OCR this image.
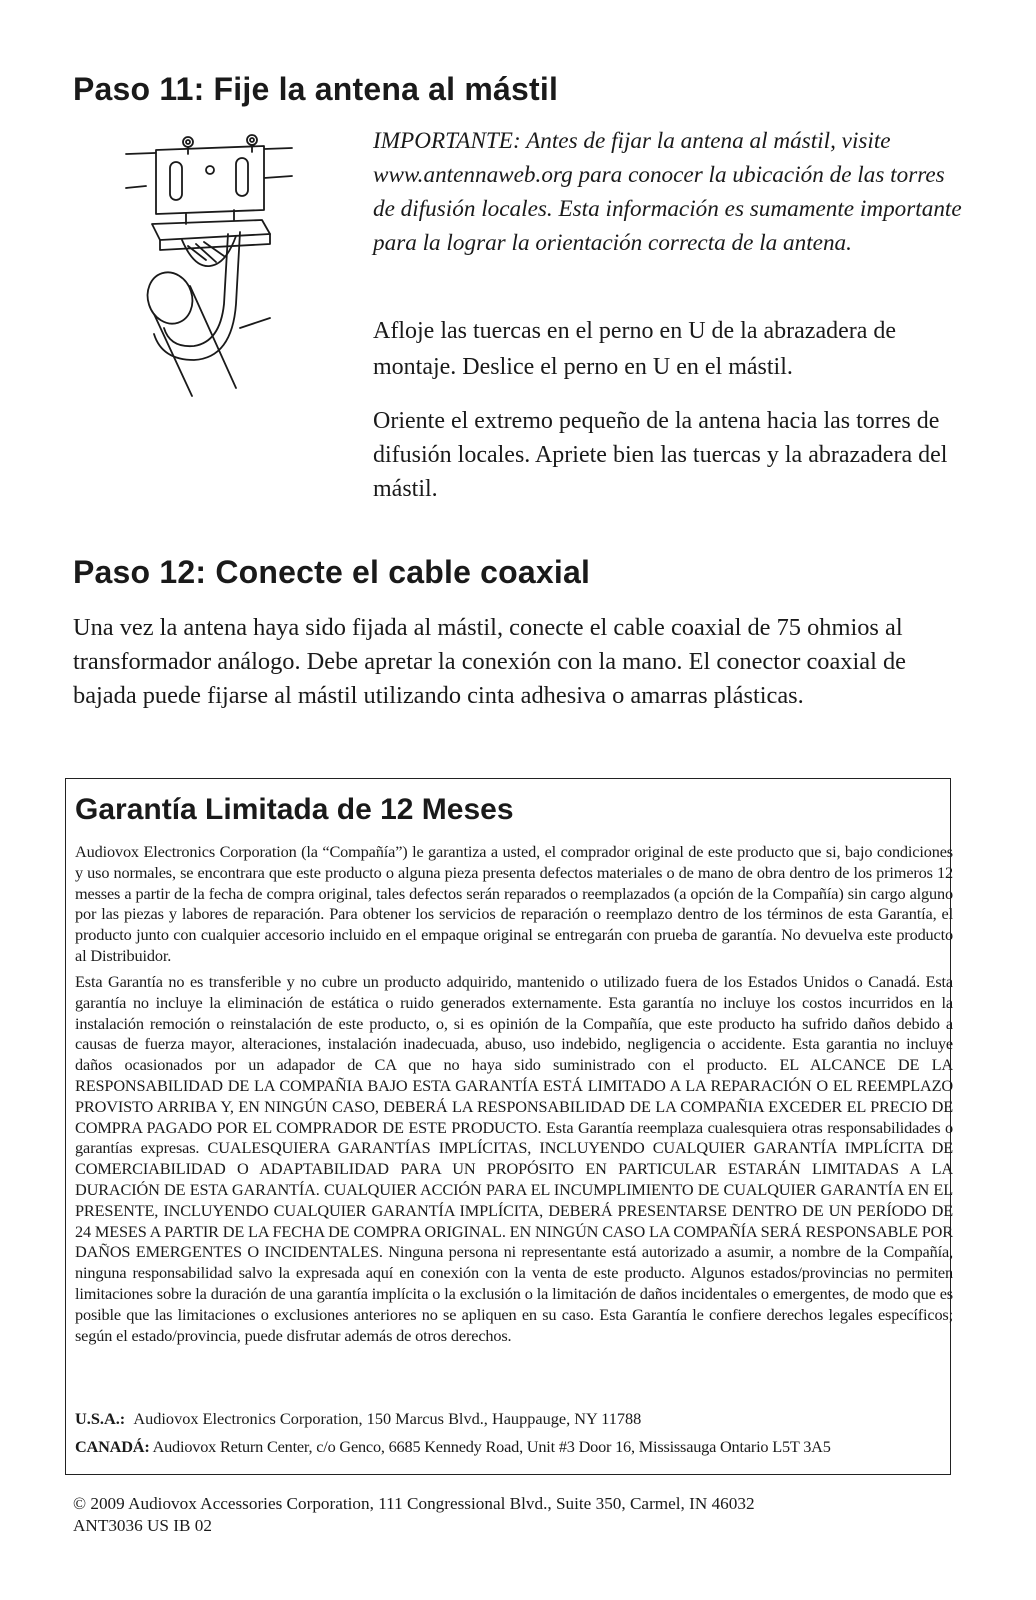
Paso 11: Fije la antena al mástil

IMPORTANTE: Antes de fijar la antena al mástil, visite www.antennaweb.org para conocer la ubicación de las torres de difusión locales. Esta información es sumamente importante para la lograr la orientación correcta de la antena.

Afloje las tuercas en el perno en U de la abrazadera de montaje. Deslice el perno en U en el mástil.

Oriente el extremo pequeño de la antena hacia las torres de difusión locales. Apriete bien las tuercas y la abrazadera del mástil.

Paso 12: Conecte el cable coaxial

Una vez la antena haya sido fijada al mástil, conecte el cable coaxial de 75 ohmios al transformador análogo. Debe apretar la conexión con la mano. El conector coaxial de bajada puede fijarse al mástil utilizando cinta adhesiva o amarras plásticas.

Garantía Limitada de 12 Meses

Audiovox Electronics Corporation (la “Compañía”) le garantiza a usted, el comprador original de este producto que si, bajo condiciones y uso normales, se encontrara que este producto o alguna pieza presenta defectos materiales o de mano de obra dentro de los primeros 12 messes a partir de la fecha de compra original, tales defectos serán reparados o reemplazados (a opción de la Compañía) sin cargo alguno por las piezas y labores de reparación. Para obtener los servicios de reparación o reemplazo dentro de los términos de esta Garantía, el producto junto con cualquier accesorio incluido en el empaque original se entregarán con prueba de garantía. No devuelva este producto al Distribuidor.

Esta Garantía no es transferible y no cubre un producto adquirido, mantenido o utilizado fuera de los Estados Unidos o Canadá. Esta garantía no incluye la eliminación de estática o ruido generados externamente. Esta garantía no incluye los costos incurridos en la instalación remoción o reinstalación de este producto, o, si es opinión de la Compañía, que este producto ha sufrido daños debido a causas de fuerza mayor, alteraciones, instalación inadecuada, abuso, uso indebido, negligencia o accidente. Esta garantia no incluye daños ocasionados por un adapador de CA que no haya sido suministrado con el producto. EL ALCANCE DE LA RESPONSABILIDAD DE LA COMPAÑIA BAJO ESTA GARANTÍA ESTÁ LIMITADO A LA REPARACIÓN O EL REEMPLAZO PROVISTO ARRIBA Y, EN NINGÚN CASO, DEBERÁ LA RESPONSABILIDAD DE LA COMPAÑIA EXCEDER EL PRECIO DE COMPRA PAGADO POR EL COMPRADOR DE ESTE PRODUCTO. Esta Garantía reemplaza cualesquiera otras responsabilidades o garantías expresas. CUALESQUIERA GARANTÍAS IMPLÍCITAS, INCLUYENDO CUALQUIER GARANTÍA IMPLÍCITA DE COMERCIABILIDAD O ADAPTABILIDAD PARA UN PROPÓSITO EN PARTICULAR ESTARÁN LIMITADAS A LA DURACIÓN DE ESTA GARANTÍA. CUALQUIER ACCIÓN PARA EL INCUMPLIMIENTO DE CUALQUIER GARANTÍA EN EL PRESENTE, INCLUYENDO CUALQUIER GARANTÍA IMPLÍCITA, DEBERÁ PRESENTARSE DENTRO DE UN PERÍODO DE 24 MESES A PARTIR DE LA FECHA DE COMPRA ORIGINAL. EN NINGÚN CASO LA COMPAÑÍA SERÁ RESPONSABLE POR DAÑOS EMERGENTES O INCIDENTALES. Ninguna persona ni representante está autorizado a asumir, a nombre de la Compañía, ninguna responsabilidad salvo la expresada aquí en conexión con la venta de este producto. Algunos estados/provincias no permiten limitaciones sobre la duración de una garantía implícita o la exclusión o la limitación de daños incidentales o emergentes, de modo que es posible que las limitaciones o exclusiones anteriores no se apliquen en su caso. Esta Garantía le confiere derechos legales específicos; según el estado/provincia, puede disfrutar además de otros derechos.

U.S.A.: Audiovox Electronics Corporation, 150 Marcus Blvd., Hauppauge, NY 11788

CANADÁ: Audiovox Return Center, c/o Genco, 6685 Kennedy Road, Unit #3 Door 16, Mississauga Ontario L5T 3A5

© 2009 Audiovox Accessories Corporation, 111 Congressional Blvd., Suite 350, Carmel, IN 46032

ANT3036 US IB 02
